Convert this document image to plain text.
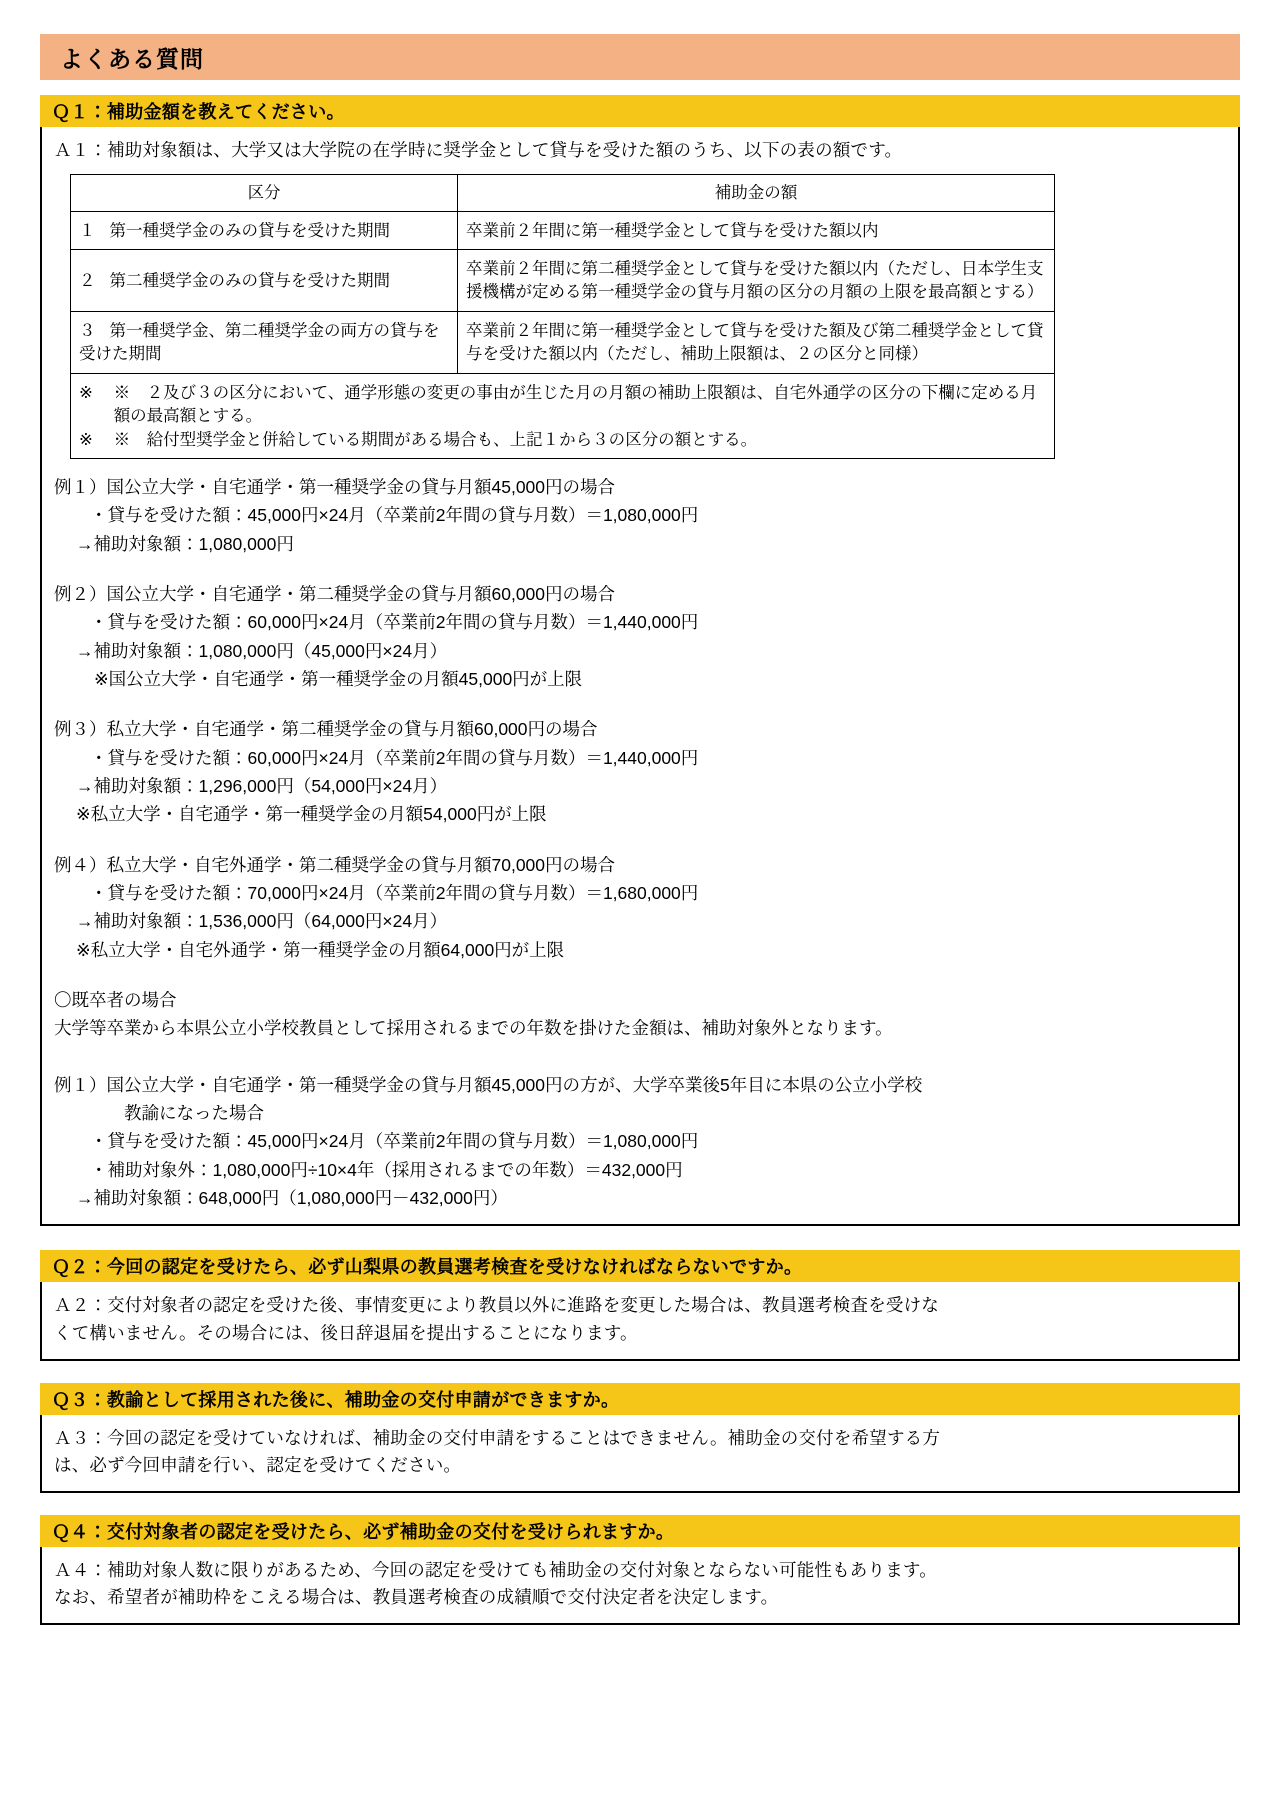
よくある質問
Ｑ１：補助金額を教えてください。
Ａ１：補助対象額は、大学又は大学院の在学時に奨学金として貸与を受けた額のうち、以下の表の額です。
区分	補助金の額
１ 第一種奨学金のみの貸与を受けた期間	卒業前２年間に第一種奨学金として貸与を受けた額以内
２ 第二種奨学金のみの貸与を受けた期間	卒業前２年間に第二種奨学金として貸与を受けた額以内（ただし、日本学生支援機構が定める第一種奨学金の貸与月額の区分の月額の上限を最高額とする）
３ 第一種奨学金、第二種奨学金の両方の貸与を受けた期間	卒業前２年間に第一種奨学金として貸与を受けた額及び第二種奨学金として貸与を受けた額以内（ただし、補助上限額は、２の区分と同様）

※ ※　２及び３の区分において、通学形態の変更の事由が生じた月の月額の補助上限額は、自宅外通学の区分の下欄に定める月額の最高額とする。
※ ※　給付型奨学金と併給している期間がある場合も、上記１から３の区分の額とする。	
例１）国公立大学・自宅通学・第一種奨学金の貸与月額45,000円の場合
・貸与を受けた額：45,000円×24月（卒業前2年間の貸与月数）＝1,080,000円
→補助対象額：1,080,000円
例２）国公立大学・自宅通学・第二種奨学金の貸与月額60,000円の場合
・貸与を受けた額：60,000円×24月（卒業前2年間の貸与月数）＝1,440,000円
→補助対象額：1,080,000円（45,000円×24月）
※国公立大学・自宅通学・第一種奨学金の月額45,000円が上限
例３）私立大学・自宅通学・第二種奨学金の貸与月額60,000円の場合
・貸与を受けた額：60,000円×24月（卒業前2年間の貸与月数）＝1,440,000円
→補助対象額：1,296,000円（54,000円×24月）
※私立大学・自宅通学・第一種奨学金の月額54,000円が上限
例４）私立大学・自宅外通学・第二種奨学金の貸与月額70,000円の場合
・貸与を受けた額：70,000円×24月（卒業前2年間の貸与月数）＝1,680,000円
→補助対象額：1,536,000円（64,000円×24月）
※私立大学・自宅外通学・第一種奨学金の月額64,000円が上限
〇既卒者の場合
大学等卒業から本県公立小学校教員として採用されるまでの年数を掛けた金額は、補助対象外となります。
例１）国公立大学・自宅通学・第一種奨学金の貸与月額45,000円の方が、大学卒業後5年目に本県の公立小学校
教諭になった場合
・貸与を受けた額：45,000円×24月（卒業前2年間の貸与月数）＝1,080,000円
・補助対象外：1,080,000円÷10×4年（採用されるまでの年数）＝432,000円
→補助対象額：648,000円（1,080,000円－432,000円）
Ｑ２：今回の認定を受けたら、必ず山梨県の教員選考検査を受けなければならないですか。
Ａ２：交付対象者の認定を受けた後、事情変更により教員以外に進路を変更した場合は、教員選考検査を受けな
くて構いません。その場合には、後日辞退届を提出することになります。
Ｑ３：教諭として採用された後に、補助金の交付申請ができますか。
Ａ３：今回の認定を受けていなければ、補助金の交付申請をすることはできません。補助金の交付を希望する方
は、必ず今回申請を行い、認定を受けてください。
Ｑ４：交付対象者の認定を受けたら、必ず補助金の交付を受けられますか。
Ａ４：補助対象人数に限りがあるため、今回の認定を受けても補助金の交付対象とならない可能性もあります。
なお、希望者が補助枠をこえる場合は、教員選考検査の成績順で交付決定者を決定します。
